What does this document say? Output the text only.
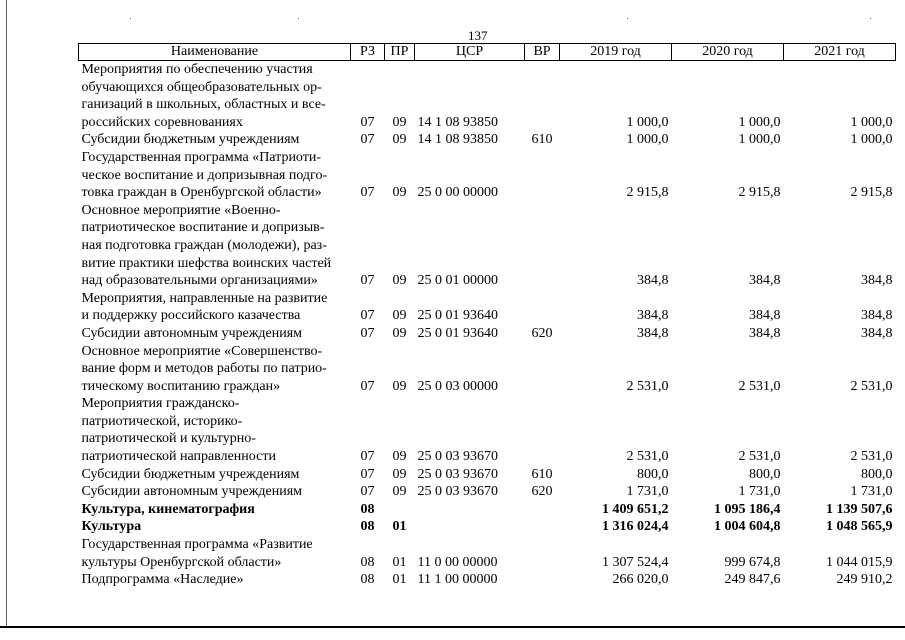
137
Наименование	РЗ	ПР	ЦСР	ВР	2019 год	2020 год	2021 год

Мероприятия по обеспечению участия
обучающихся общеобразовательных ор-
ганизаций в школьных, областных и все-
российских соревнованиях	07	09	14 1 08 93850		1 000,0	1 000,0	1 000,0

Субсидии бюджетным учреждениям	07	09	14 1 08 93850	610	1 000,0	1 000,0	1 000,0

Государственная программа «Патриоти-
ческое воспитание и допризывная подго-
товка граждан в Оренбургской области»	07	09	25 0 00 00000		2 915,8	2 915,8	2 915,8

Основное мероприятие «Военно-
патриотическое воспитание и допризыв-
ная подготовка граждан (молодежи), раз-
витие практики шефства воинских частей
над образовательными организациями»	07	09	25 0 01 00000		384,8	384,8	384,8

Мероприятия, направленные на развитие
и поддержку российского казачества	07	09	25 0 01 93640		384,8	384,8	384,8

Субсидии автономным учреждениям	07	09	25 0 01 93640	620	384,8	384,8	384,8

Основное мероприятие «Совершенство-
вание форм и методов работы по патрио-
тическому воспитанию граждан»	07	09	25 0 03 00000		2 531,0	2 531,0	2 531,0

Мероприятия гражданско-
патриотической, историко-
патриотической и культурно-
патриотической направленности	07	09	25 0 03 93670		2 531,0	2 531,0	2 531,0

Субсидии бюджетным учреждениям	07	09	25 0 03 93670	610	800,0	800,0	800,0

Субсидии автономным учреждениям	07	09	25 0 03 93670	620	1 731,0	1 731,0	1 731,0

Культура, кинематография	08				1 409 651,2	1 095 186,4	1 139 507,6

Культура	08	01			1 316 024,4	1 004 604,8	1 048 565,9

Государственная программа «Развитие
культуры Оренбургской области»	08	01	11 0 00 00000		1 307 524,4	999 674,8	1 044 015,9

Подпрограмма «Наследие»	08	01	11 1 00 00000		266 020,0	249 847,6	249 910,2
